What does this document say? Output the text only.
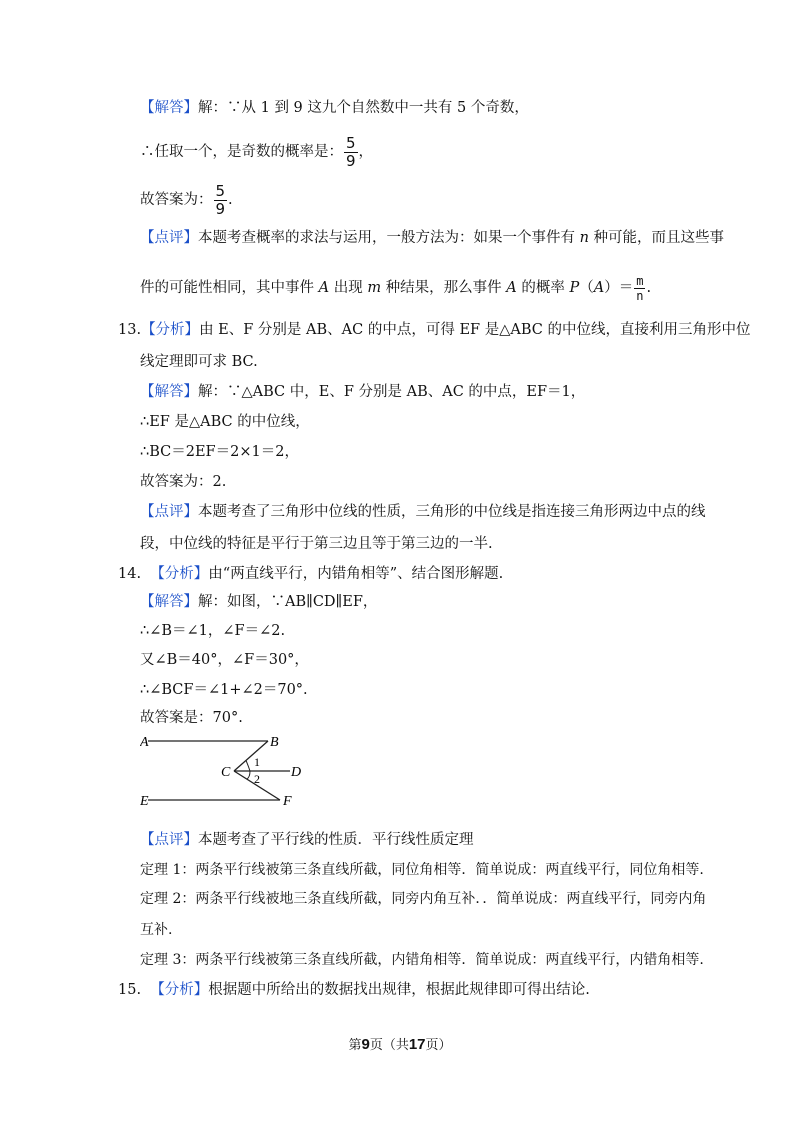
【解答】解：∵从 1 到 9 这九个自然数中一共有 5 个奇数，
∴任取一个，是奇数的概率是： $\frac{5}{9}$ ，
故答案为： $\frac{5}{9}$ .
【点评】本题考查概率的求法与运用，一般方法为：如果一个事件有 n 种可能，而且这些事
件的可能性相同，其中事件 A 出现 m 种结果，那么事件 A 的概率 $P(A)= \frac{m}{n}$ .
13.【分析】由 E、F 分别是 AB、AC 的中点，可得 EF 是△ABC 的中位线，直接利用三角形中位
线定理即可求 BC.
【解答】解：∵△ABC 中，E、F 分别是 AB、AC 的中点，EF＝1，
∴EF 是△ABC 的中位线，
∴BC＝2EF＝2×1＝2，
故答案为：2.
【点评】本题考查了三角形中位线的性质，三角形的中位线是指连接三角形两边中点的线
段，中位线的特征是平行于第三边且等于第三边的一半.
14. 【分析】由“两直线平行，内错角相等”、结合图形解题.
【解答】解：如图，∵AB∥CD∥EF，
∴∠B＝∠1，∠F＝∠2.
又∠B＝40°，∠F＝30°，
∴∠BCF＝∠1+∠2＝70°.
故答案是：70°.
A	B
C	D
E	F
1
2
【点评】本题考查了平行线的性质．平行线性质定理
定理 1：两条平行线被第三条直线所截，同位角相等．简单说成：两直线平行，同位角相等.
定理 2：两条平行线被地三条直线所截，同旁内角互补．．简单说成：两直线平行，同旁内角
互补.
定理 3：两条平行线被第三条直线所截，内错角相等．简单说成：两直线平行，内错角相等.
15. 【分析】根据题中所给出的数据找出规律，根据此规律即可得出结论.
第9页（共17页）
